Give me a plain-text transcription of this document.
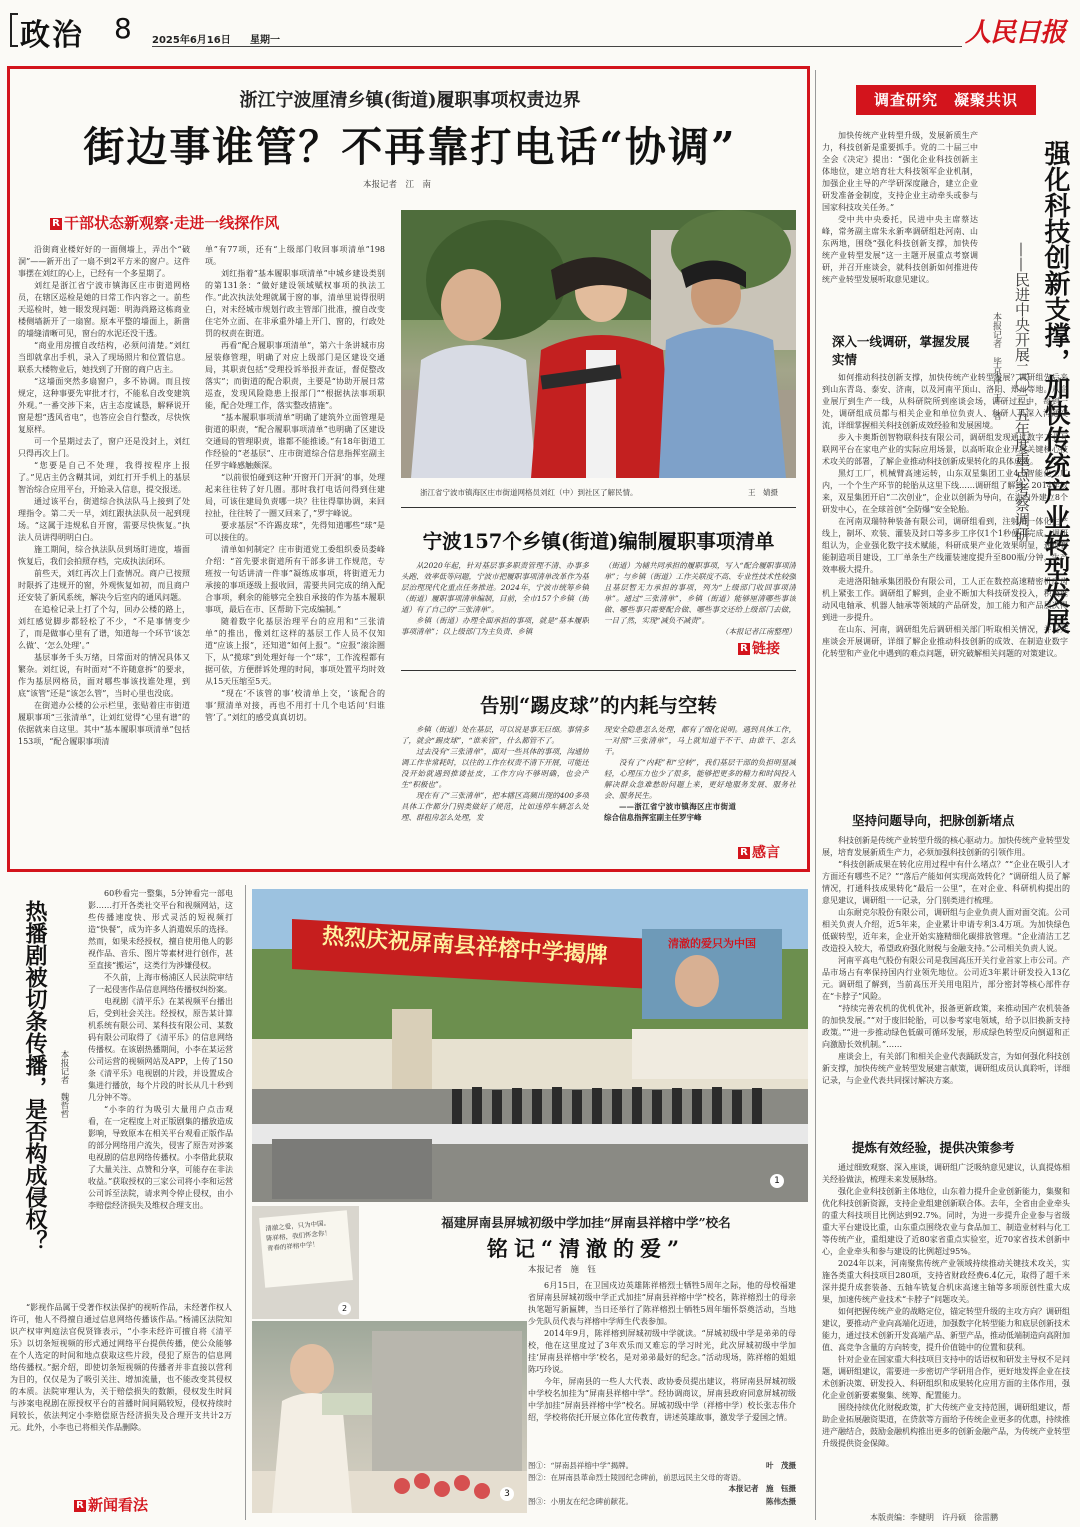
政治 8 2025年6月16日 星期一	人民日报
浙江宁波厘清乡镇(街道)履职事项权责边界
街边事谁管？不再靠打电话“协调”
本报记者　江　南
R 干部状态新观察·走进一线探作风

沿街商业楼好好的一面侧墙上，弄出个“破洞”——新开出了一扇不到2平方米的窗户。这件事摆在刘红的心上，已经有一个多星期了。

刘红是浙江省宁波市镇海区庄市街道网格员，在辖区巡检是她的日常工作内容之一。前些天巡检时，她一眼发现问题：明海尚路这栋商业楼侧墙新开了一扇窗。原本平整的墙面上，新凿的墙缝清晰可见，窗台的水泥还没干透。

“商业用房擅自改结构，必须问清楚。”刘红当即就拿出手机，录入了现场照片和位置信息。联系大楼物业后，她找到了开窗的商户店主。

“这墙面突然多扇窗户，多不协调。而且按规定，这种事要先审批才行，不能私自改变建筑外观。”一番交涉下来，店主态度诚恳，解释说开窗是想“透风省电”，也答应会自行整改，尽快恢复原样。

可一个星期过去了，窗户还是没封上，刘红只得再次上门。

“您要是自己不处理，我得按程序上报了。”见店主仍含糊其词，刘红打开手机上的基层智治综合应用平台，开始录入信息，提交报送。

通过该平台，街道综合执法队马上接到了处理指令。第二天一早，刘红跟执法队员一起到现场。“这属于违规私自开窗，需要尽快恢复。”执法人员讲得明明白白。

施工期间，综合执法队员到场盯进度，墙面恢复后，我们会拍照存档，完成执法闭环。

前些天，刘红再次上门查情况。商户已按照时限拆了违规开的窗，外观恢复如初，而且商户还安装了新风系统，解决今后室内的通风问题。

在追检记录上打了个勾，回办公楼的路上，刘红感觉脚步都轻松了不少，“不是事情变少了，而是做事心里有了谱，知道每一个环节‘该怎么做’、‘怎么处理’。”

基层事务千头万绪，日常面对的情况具体又繁杂。刘红说，有时面对“不许随意拆”的要求，作为基层网格员，面对哪些事该找谁处理，到底“该管”还是“该怎么管”，当时心里也没底。

在街道办公楼的公示栏里，张贴着庄市街道履职事项“三张清单”，让刘红觉得“心里有谱”的依据就来自这里。其中“基本履职事项清单”包括153项，“配合履职事项清

单”有77项，还有“上级部门收回事项清单”198项。

刘红指着“基本履职事项清单”中城乡建设类别的第131条：“做好建设领域赋权事项的执法工作。”此次执法处理就属于窗的事，清单里说得很明白，对未经城市规划行政主管部门批准，擅自改变住宅外立面、在非承重外墙上开门、窗的，行政处罚的权责在街道。

再看“配合履职事项清单”，第六十条讲城市房屋装修管理，明确了对应上级部门是区建设交通局，其职责包括“受理投诉举报并查证，督促整改落实”；而街道的配合职责，主要是“协助开展日常巡查，发现风险隐患上报部门”“根据执法事项职能，配合处理工作，落实整改措施”。

“基本履职事项清单”明确了建筑外立面管理是街道的职责，“配合履职事项清单”也明确了区建设交通局的管理职责，谁都不能推诿。”有18年街道工作经验的“老基层”、庄市街道综合信息指挥室副主任罗宇峰感触颇深。

“以前很怕碰到这种‘开窗开门开洞’的事，处理起来往往转了好几圈。那时我打电话问得到住建局，可该住建局负责哪一块？往往得靠协调，来回拉扯，往往转了一圈又回来了，”罗宇峰说。

要求基层“不许踢皮球”，先得知道哪些“球”是可以接住的。

清单如何制定？庄市街道党工委组织委员娄峰介绍：“首先要求街道所有干部多讲工作规范，专班按一句话讲清一件事”凝练成事项，将街道无力承接的事项逐级上报收回，需要共同完成的纳入配合事项，剩余的能够完全独自承接的作为基本履职事项，最后在市、区帮助下完成编制。”

随着数字化基层治理平台的应用和“三张清单”的推出，像刘红这样的基层工作人员不仅知道“应该上报”，还知道“如何上报”。“应报”滚涂圈下，从“揽球”到处理好每一个“球”，工作流程都有据可依，方便群诉处理的时间，事项处置平均时效从15天压缩至5天。

“现在‘不该管的事’校清单上交，‘该配合的事’照清单对接，再也不用打十几个电话问‘归谁管’了。”刘红的感受真真切切。

浙江省宁波市镇海区庄市街道网格员刘红（中）到社区了解民情。	王　婧摄
宁波157个乡镇(街道)编制履职事项清单

从2020年起，针对基层事多职责管理不清、办事多头跑、效率低等问题，宁波市把履职事项清单改革作为基层治理现代化重点任务推进。2024年，宁波市统筹乡镇（街道）履职事项清单编制，目前，全市157个乡镇（街道）有了自己的“三张清单”。

乡镇（街道）办理全面承担的事项，就是“基本履职事项清单”；以上级部门为主负责、乡镇

（街道）为辅共同承担的履职事项，写入“配合履职事项清单”；与乡镇（街道）工作关联度不高、专业性技术性较强且基层暂无力承担的事项，列为“上级部门收回事项清单”。通过“三张清单”，乡镇（街道）能够厘清哪些事该做、哪些事只需要配合做、哪些事交还给上级部门去做，一目了然，实现“减负不减责”。

（本报记者江南整理）

R 链接
告别“踢皮球”的内耗与空转

乡镇（街道）处在基层，可以说是事无巨细。事情多了，就会“踢皮球”，“谁来管”，什么都管不了。

过去没有“三张清单”，面对一些具体的事项，沟通协调工作非常耗时，以往的工作在权责不清下开展，可能还没开始就遇到推诿扯皮，工作方向不够明确，也会产生“积极也”。

现在有了“三张清单”，把本辖区高频出现的400多项具体工作都分门别类做好了规范，比如违停车辆怎么处理、群租房怎么处理，发

现安全隐患怎么处理，都有了细化说明。遇到具体工作，一对照“三张清单”，马上就知道干不干、由谁干、怎么干。

没有了“内耗”和“空转”，我们基层干部的负担明显减轻，心理压力也少了很多，能够把更多的精力和时间投入解决群众急难愁盼问题上来，更好地服务发展、服务社会、服务民生。

——浙江省宁波市镇海区庄市街道综合信息指挥室副主任罗宇峰

R 感言
调查研究　凝聚共识

加快传统产业转型升级，发展新质生产力，科技创新是重要抓手。党的二十届三中全会《决定》提出：“强化企业科技创新主体地位，建立培育壮大科技领军企业机制，加强企业主导的产学研深度融合，建立企业研发准备金制度，支持企业主动牵头或参与国家科技攻关任务。”

受中共中央委托，民进中央主席蔡达峰，常务副主席朱永新率调研组赴河南、山东两地，围绕“强化科技创新支撑，加快传统产业转型发展”这一主题开展重点考察调研，并召开座谈会，就科技创新如何推进传统产业转型发展听取意见建议。	强化科技创新支撑，加快传统产业转型发展
——民进中央开展二〇二五年度重点考察调研
本报记者　毕京津　王　者
深入一线调研，掌握发展实情

如何推动科技创新支撑，加快传统产业转型发展？调研组先后来到山东青岛、泰安、济南，以及河南平顶山、洛阳、郑州等地。从企业展厅到生产一线，从科研院所到座谈会场，调研过程中，每到一处，调研组成员都与相关企业和单位负责人、科研人员深入沟通交流，详细掌握相关科技创新成效经验和发展困境。

步入卡奥斯创智物联科技有限公司，调研组发现通过数字工业互联网平台在家电产业的实际应用场景，以高昕取企业开展关键核心技术攻关的部署，了解企业推动科技创新成果转化的具体成效。

黑灯工厂，机械臂高速运转，山东双星集团工业4.0智能化工厂内，一个个生产环节的轮胎从这里下线……调研组了解到，2014年以来，双星集团开启“二次创业”，企业以创新为导向，在海内外建立8个研发中心，在全球首创“全防爆”安全轮胎。

在河南双瑞特种装备有限公司，调研组看到，注射用一体化生产线上，制坏、欢装、灌装及封口等多步工序仅1个1秒便可完成。调研组认为，企业强化数字技术赋能，科研成果产业化效果明显，通过智能制造项目建设，工厂单条生产线灌装速度提升至800瓶/分钟，生产效率极大提升。

走进洛阳轴承集团股份有限公司，工人正在数控高速精密机床齿机上紧张工作。调研组了解到，企业不断加大科技研发投入，积极推动风电轴承、机器人轴承等领域的产品研发，加工能力和产品层次得到进一步提升。

在山东、河南，调研组先后调研相关部门听取相关情况，并召开座谈会开展调研，详细了解企业推动科技创新的成效、在制造业数字化转型和产业化中遇到的难点问题，研究破解相关问题的对策建议。

坚持问题导向，把脉创新堵点

科技创新是传统产业转型升级的核心驱动力。加快传统产业转型发展，培育发展新质生产力，必须加强科技创新的引领作用。

“科技创新成果在转化应用过程中有什么堵点？”“企业在吸引人才方面还有哪些不足？”“落后产能如何实现高效转化？”调研组人员了解情况，打通科技成果转化“最后一公里”，在对企业、科研机构提出的意见建议，调研组一一记录，分门别类进行梳理。

山东耐克尔股份有限公司，调研组与企业负责人面对面交流。公司相关负责人介绍，近5年来，企业累计申请专利3.4万项。为加快绿色低碳转型，近年来，企业开始实施精细化碳排放管理。“企业清洁工艺改造投入较大，希望政府强化财税与金融支持。”公司相关负责人说。

河南平高电气股份有限公司是我国高压开关行业首家上市公司。产品市场占有率保持国内行业领先地位。公司近3年累计研发投入13亿元。调研组了解到，当前高压开关用电阻片，部分密封等核心部件存在“卡脖子”风险。

“持续完善农机的优机优补，报备更新政策，来推动国产农机装备的加快发展。”“对于废旧轮胎，可以参考家电领域，给予以旧换新支持政策。”“进一步推动绿色低碳可循环发展，形成绿色转型反向倒逼和正向激励长效机制。”……

座谈会上，有关部门和相关企业代表踊跃发言，为如何强化科技创新支撑，加快传统产业转型发展建言献策，调研组成员认真聆听，详细记录，与企业代表共同探讨解决方案。

提炼有效经验，提供决策参考

通过细致观察、深入座谈，调研组广泛吸纳意见建议，认真提炼相关经验做法，梳理未来发展脉络。

强化企业科技创新主体地位，山东着力提升企业创新能力，集聚和优化科技创新资源，支持企业组建创新联合体。去年，全省由企业牵头的重大科技项目比例达到92.7%。同时，为进一步提升企业参与省级重大平台建设比重，山东重点围绕农业与食品加工、制造业材料与化工等传统产业，重组建设了近80家省重点实验室，近70家省技术创新中心，企业牵头和参与建设的比例超过95%。

2024年以来，河南聚焦传统产业领域持续推动关键技术攻关，实施各类重大科技项目280项，支持省财政经费6.4亿元，取得了超千米深井提升成套装备、五轴车铣复合机床高速主轴等多项原创性重大成果，加速传统产业技术“卡脖子”问题攻关。

如何把握传统产业的战略定位，锚定转型升级的主攻方向？调研组建议，要推动产业向高端化迈进，加强数字化转型能力和底层创新技术能力，通过技术创新开发高端产品、新型产品，推动低端制造向高附加值、高竞争含量的方向转变，提升价值链中的位置和获利。

针对企业在国家重大科技项目支持中的话语权和研发主导权不足问题，调研组建议，需要进一步密切产学研用合作，更好地发挥企业在技术创新决策、研发投入、科研组织和成果转化应用方面的主体作用，强化企业创新要素聚集、统筹、配置能力。

围绕持续优化财税政策，扩大传统产业支持范围，调研组建议，帮助企业拓展融资渠道，在贷款等方面给予传统企业更多的优惠，持续推进产融结合，鼓励金融机构推出更多的创新金融产品，为传统产业转型升级提供资金保障。

本版责编：李健明　许丹硕　徐雷鹏
热播剧被切条传播，是否构成侵权？ 本报记者　魏哲哲

60秒看完一整集，5分钟看完一部电影……打开各类社交平台和视频网站，这些传播速度快、形式灵活的短视频打造“快餐”，成为许多人消遣娱乐的选择。然而，如果未经授权，擅自使用他人的影视作品、音乐、图片等素材进行创作，甚至直接“搬运”，这类行为涉嫌侵权。

不久前，上海市杨浦区人民法院审结了一起侵害作品信息网络传播权纠纷案。

电视剧《清平乐》在某视频平台播出后，受到社会关注。经授权，原告某计算机系统有限公司、某科技有限公司、某数码有限公司取得了《清平乐》的信息网络传播权。在该剧热播期间，小李在某运营公司运营的视频网站及APP，上传了150条《清平乐》电视剧的片段，并设置成合集进行播放，每个片段的时长从几十秒到几分钟不等。

“小李的行为吸引大量用户点击观看，在一定程度上对正版剧集的播放造成影响，导致原本在相关平台观看正版作品的部分网络用户流失，侵害了原告对涉案电视剧的信息网络传播权。小李借此获取了大量关注、点赞和分享，可能存在非法收益。”获取授权的三家公司将小李和运营公司诉至法院，请求判令停止侵权，由小李赔偿经济损失及维权合理支出。

“影视作品属于受著作权法保护的视听作品，未经著作权人许可，他人不得擅自通过信息网络传播该作品。”杨浦区法院知识产权审判庭法官倪贤锋表示，“小李未经许可擅自将《清平乐》以切条短视频的形式通过网络平台提供传播，使公众能够在个人选定的时间和地点获取这些片段，侵犯了原告的信息网络传播权。”据介绍，即使切条短视频的传播者并非直接以营利为目的，仅仅是为了吸引关注、增加流量，也不能改变其侵权的本质。法院审理认为，关于赔偿损失的数额，侵权发生时间与涉案电视剧在原授权平台的首播时间间隔较短，侵权持续时间较长，依法判定小李赔偿原告经济损失及合理开支共计2万元。此外，小李也已将相关作品删除。

R 新闻看法
热烈庆祝屏南县祥榕中学揭牌	清澈的爱只为中国
1
清澈之爱，只为中国。
陈祥榕，我们怀念你！
青春的祥榕中学！
2
3
福建屏南县屏城初级中学加挂“屏南县祥榕中学”校名
铭记“清澈的爱”
本报记者　施　钰

6月15日，在卫国戍边英雄陈祥榕烈士牺牲5周年之际，他的母校福建省屏南县屏城初级中学正式加挂“屏南县祥榕中学”校名，陈祥榕烈士的母亲执笔题写新匾牌，当日还举行了陈祥榕烈士牺牲5周年缅怀祭奠活动，当地少先队员代表与祥榕中学师生代表参加。

2014年9月，陈祥榕到屏城初级中学就读。“屏城初级中学是弟弟的母校，他在这里度过了3年欢乐而又难忘的学习时光，此次屏城初级中学加挂‘屏南县祥榕中学’校名，是对弟弟最好的纪念。”活动现场，陈祥榕的姐姐陈巧玲说。

今年，屏南县的一些人大代表、政协委员提出建议，将屏南县屏城初级中学校名加挂为“屏南县祥榕中学”。经协调商议，屏南县政府同意屏城初级中学加挂“屏南县祥榕中学”校名。屏城初级中学（祥榕中学）校长张志伟介绍，学校将依托开展立体化宣传教育，讲述英雄故事，激发学子爱国之情。

图①：“屏南县祥榕中学”揭牌。	叶　茂摄
图②：在屏南县革命烈士陵园纪念碑前，前思远民主父母的寄语。
本报记者　施　钰摄
图③：小朋友在纪念碑前献花。	陈伟杰摄
